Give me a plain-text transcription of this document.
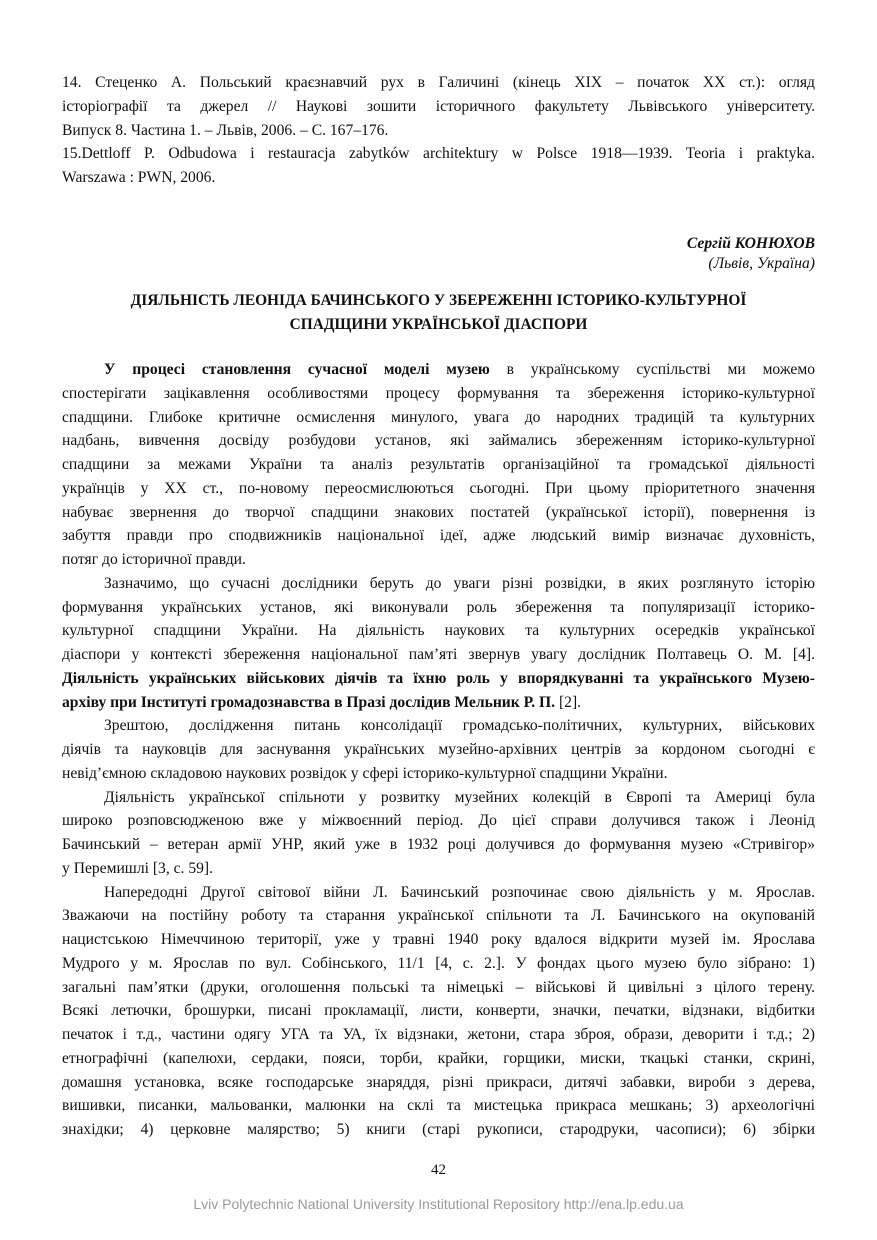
14. Стеценко А. Польський краєзнавчий рух в Галичині (кінець XIX – початок XX ст.): огляд
історіографії та джерел // Наукові зошити історичного факультету Львівського університету.
Випуск 8. Частина 1. – Львів, 2006. – С. 167–176.
15.Dettloff P. Odbudowa i restauracja zabytków architektury w Polsce 1918—1939. Teoria i praktyka.
Warszawa : PWN, 2006.
Сергій КОНЮХОВ
(Львів, Україна)
ДІЯЛЬНІСТЬ ЛЕОНІДА БАЧИНСЬКОГО У ЗБЕРЕЖЕННІ ІСТОРИКО-КУЛЬТУРНОЇ
СПАДЩИНИ УКРАЇНСЬКОЇ ДІАСПОРИ
У процесі становлення сучасної моделі музею в українському суспільстві ми можемо
спостерігати зацікавлення особливостями процесу формування та збереження історико-культурної
спадщини. Глибоке критичне осмислення минулого, увага до народних традицій та культурних
надбань, вивчення досвіду розбудови установ, які займались збереженням історико-культурної
спадщини за межами України та аналіз результатів організаційної та громадської діяльності
українців у XX ст., по-новому переосмислюються сьогодні. При цьому пріоритетного значення
набуває звернення до творчої спадщини знакових постатей (української історії), повернення із
забуття правди про сподвижників національної ідеї, адже людський вимір визначає духовність,
потяг до історичної правди.
Зазначимо, що сучасні дослідники беруть до уваги різні розвідки, в яких розглянуто історію
формування українських установ, які виконували роль збереження та популяризації історико-
культурної спадщини України. На діяльність наукових та культурних осередків української
діаспори у контексті збереження національної пам’яті звернув увагу дослідник Полтавець О. М. [4].
Діяльність українських військових діячів та їхню роль у впорядкуванні та українського Музею-
архіву при Інституті громадознавства в Празі дослідив Мельник Р. П. [2].
Зрештою, дослідження питань консолідації громадсько-політичних, культурних, військових
діячів та науковців для заснування українських музейно-архівних центрів за кордоном сьогодні є
невід’ємною складовою наукових розвідок у сфері історико-культурної спадщини України.
Діяльність української спільноти у розвитку музейних колекцій в Європі та Америці була
широко розповсюдженою вже у міжвоєнний період. До цієї справи долучився також і Леонід
Бачинський – ветеран армії УНР, який уже в 1932 році долучився до формування музею «Стривігор»
у Перемишлі [3, с. 59].
Напередодні Другої світової війни Л. Бачинський розпочинає свою діяльність у м. Ярослав.
Зважаючи на постійну роботу та старання української спільноти та Л. Бачинського на окупованій
нацистською Німеччиною території, уже у травні 1940 року вдалося відкрити музей ім. Ярослава
Мудрого у м. Ярослав по вул. Собінського, 11/1 [4, с. 2.]. У фондах цього музею було зібрано: 1)
загальні пам’ятки (друки, оголошення польські та німецькі – військові й цивільні з цілого терену.
Всякі летючки, брошурки, писані прокламації, листи, конверти, значки, печатки, відзнаки, відбитки
печаток і т.д., частини одягу УГА та УА, їх відзнаки, жетони, стара зброя, образи, деворити і т.д.; 2)
етнографічні (капелюхи, сердаки, пояси, торби, крайки, горщики, миски, ткацькі станки, скрині,
домашня установка, всяке господарське знаряддя, різні прикраси, дитячі забавки, вироби з дерева,
вишивки, писанки, мальованки, малюнки на склі та мистецька прикраса мешкань; 3) археологічні
знахідки; 4) церковне малярство; 5) книги (старі рукописи, стародруки, часописи); 6) збірки
42
Lviv Polytechnic National University Institutional Repository http://ena.lp.edu.ua
